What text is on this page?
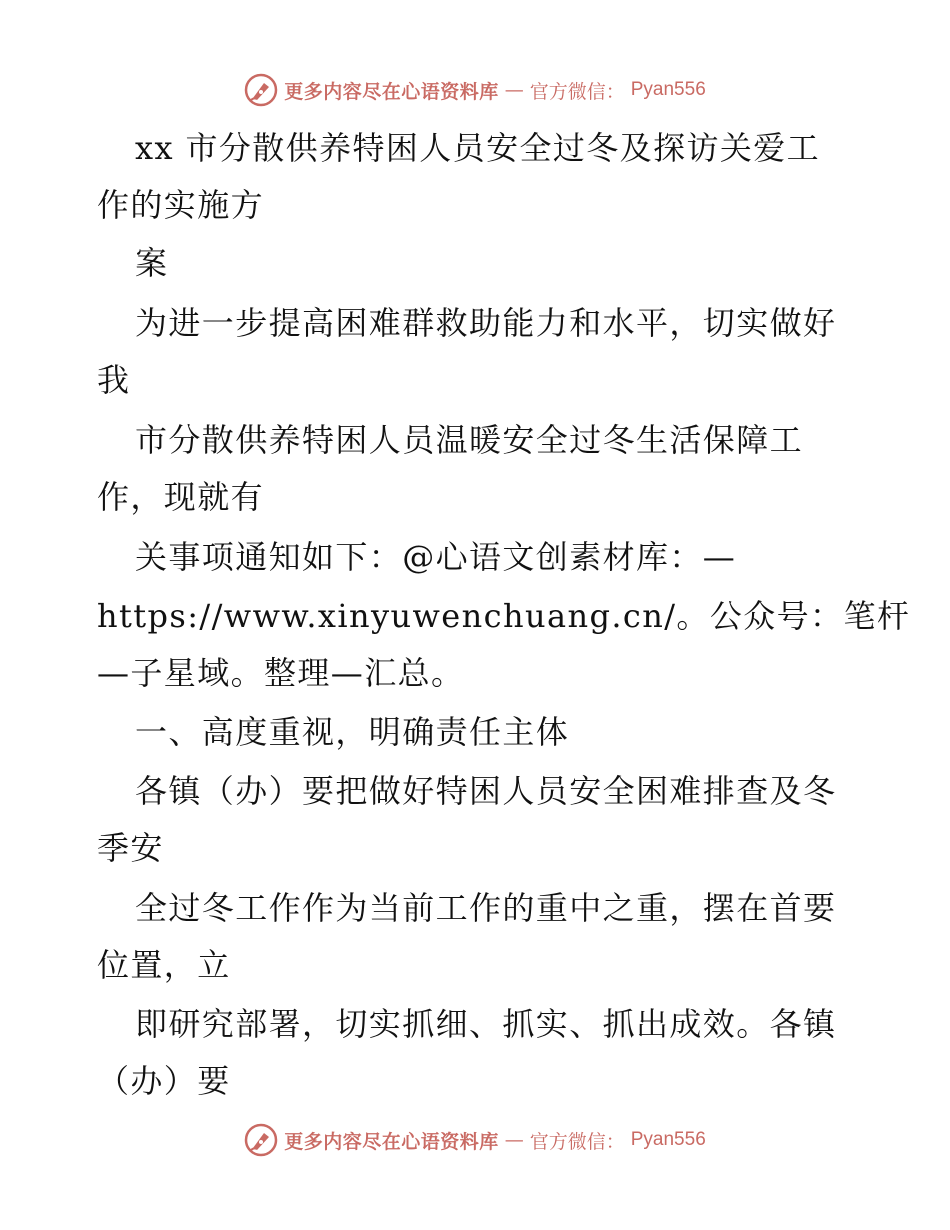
更多内容尽在心语资料库 — 官方微信： Pyan556
xx 市分散供养特困人员安全过冬及探访关爱工
作的实施方
案
为进一步提高困难群救助能力和水平，切实做好
我
市分散供养特困人员温暖安全过冬生活保障工
作，现就有
关事项通知如下：@心语文创素材库：—
https://www.xinyuwenchuang.cn/。公众号：笔杆
—子星域。整理—汇总。
一、高度重视，明确责任主体
各镇（办）要把做好特困人员安全困难排查及冬
季安
全过冬工作作为当前工作的重中之重，摆在首要
位置，立
即研究部署，切实抓细、抓实、抓出成效。各镇
（办）要
更多内容尽在心语资料库 — 官方微信： Pyan556
